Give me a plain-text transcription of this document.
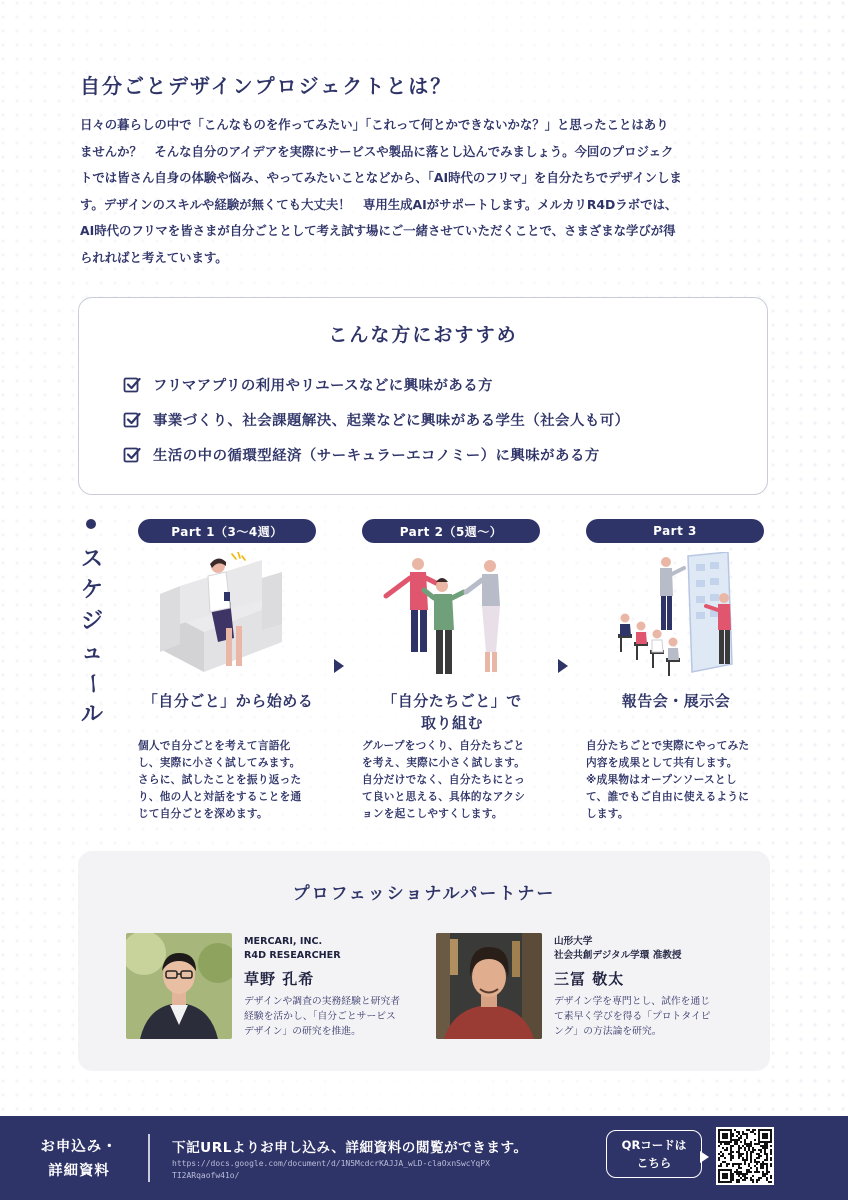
自分ごとデザインプロジェクトとは？
日々の暮らしの中で「こんなものを作ってみたい」「これって何とかできないかな？」と思ったことはあり
ませんか？　そんな自分のアイデアを実際にサービスや製品に落とし込んでみましょう。今回のプロジェク
トでは皆さん自身の体験や悩み、やってみたいことなどから、「AI時代のフリマ」を自分たちでデザインしま
す。デザインのスキルや経験が無くても大丈夫！　専用生成AIがサポートします。メルカリR4Dラボでは、
AI時代のフリマを皆さまが自分ごととして考え試す場にご一緒させていただくことで、さまざまな学びが得
られればと考えています。
こんな方におすすめ
フリマアプリの利用やリユースなどに興味がある方
事業づくり、社会課題解決、起業などに興味がある学生（社会人も可）
生活の中の循環型経済（サーキュラーエコノミー）に興味がある方
ス
ケ
ジ
ュ
ー
ル
Part 1（3〜4週）
「自分ごと」から始める
個人で自分ごとを考えて言語化
し、実際に小さく試してみます。
さらに、試したことを振り返った
り、他の人と対話をすることを通
じて自分ごとを深めます。
Part 2（5週〜）
「自分たちごと」で
取り組む
グループをつくり、自分たちごと
を考え、実際に小さく試します。
自分だけでなく、自分たちにとっ
て良いと思える、具体的なアクシ
ョンを起こしやすくします。
Part 3
報告会・展示会
自分たちごとで実際にやってみた
内容を成果として共有します。
※成果物はオープンソースとし
て、誰でもご自由に使えるように
します。
プロフェッショナルパートナー
MERCARI, INC.
R4D RESEARCHER
草野 孔希
デザインや調査の実務経験と研究者
経験を活かし、「自分ごとサービス
デザイン」の研究を推進。
山形大学
社会共創デジタル学環 准教授
三冨 敬太
デザイン学を専門とし、試作を通じ
て素早く学びを得る「プロトタイピ
ング」の方法論を研究。
お申込み・
詳細資料
下記URLよりお申し込み、詳細資料の閲覧ができます。
https://docs.google.com/document/d/1N5McdcrKAJJA_wLD-claOxnSwcYqPXTI2ARqaofw41o/
QRコードは
こちら
